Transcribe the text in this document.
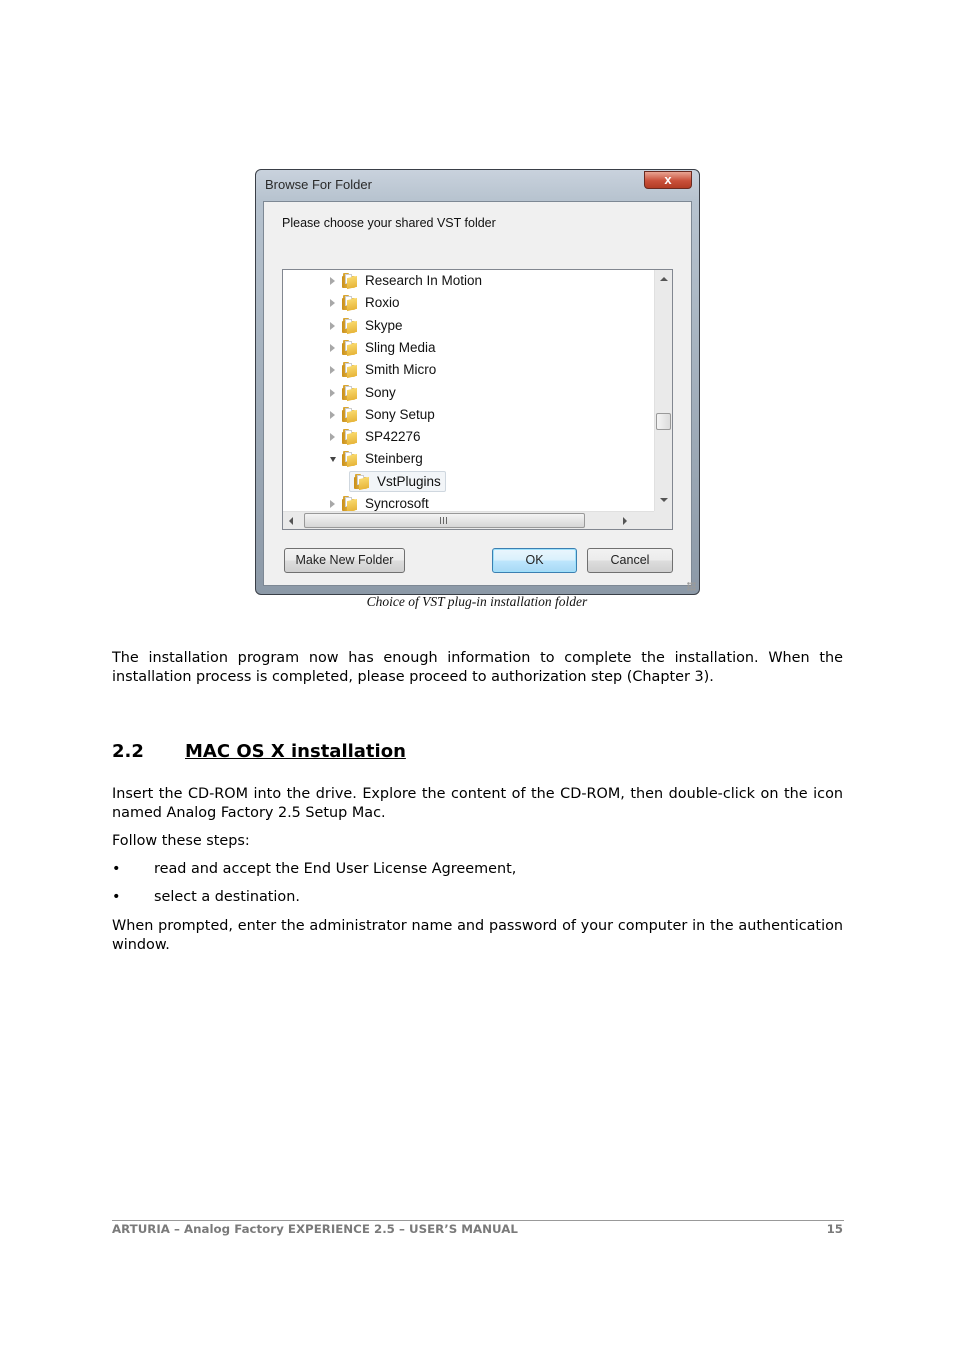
Browse For Folder	x
Please choose your shared VST folder
Research In Motion
Roxio
Skype
Sling Media
Smith Micro
Sony
Sony Setup
SP42276
Steinberg
VstPlugins
Syncrosoft
Make New Folder	OK	Cancel
Choice of VST plug-in installation folder
The installation program now has enough information to complete the installation. When the installation process is completed, please proceed to authorization step (Chapter 3).
2.2 MAC OS X installation
Insert the CD-ROM into the drive. Explore the content of the CD-ROM, then double-click on the icon named Analog Factory 2.5 Setup Mac.
Follow these steps:
• read and accept the End User License Agreement,
• select a destination.
When prompted, enter the administrator name and password of your computer in the authentication window.
ARTURIA – Analog Factory EXPERIENCE 2.5 – USER’S MANUAL	15
